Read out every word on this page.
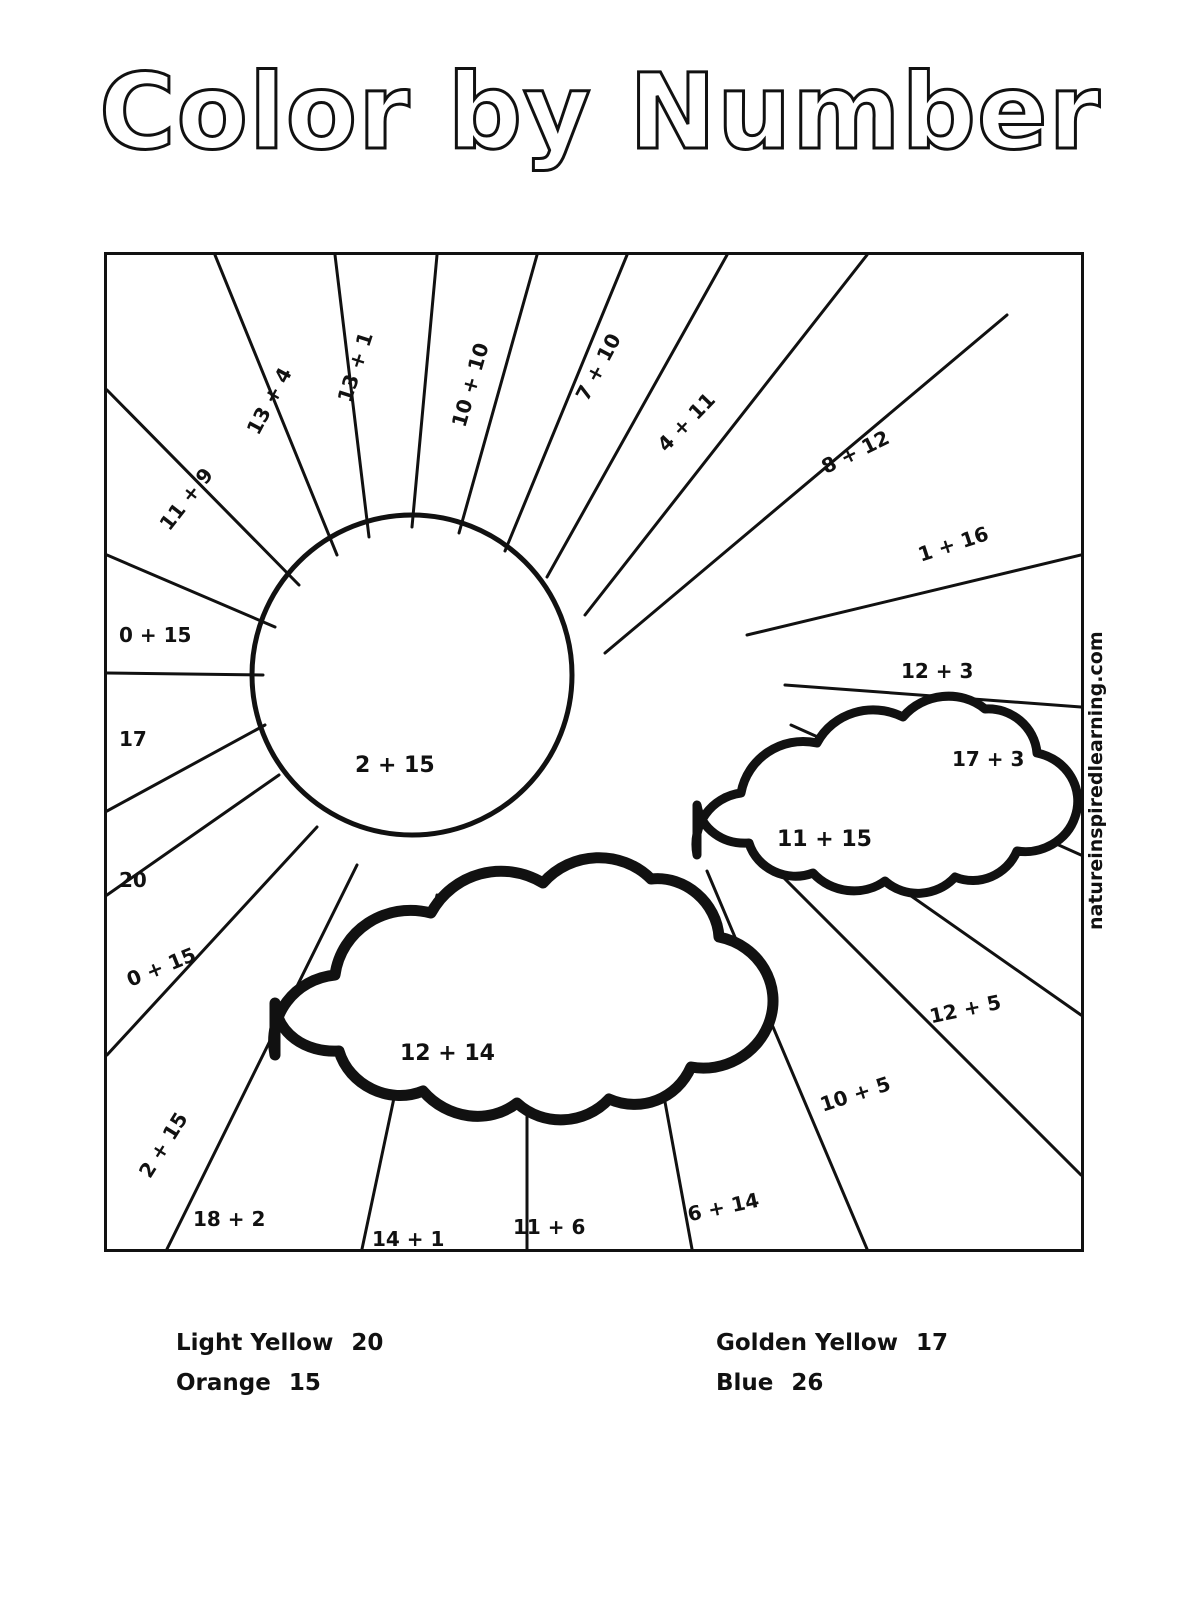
Color by Number
13 + 4 13 + 1	10 + 10	7 + 10
4 + 11	8 + 12
1 + 16
11 + 9
0 + 15
17
20
0 + 15
2 + 15
12 + 3
17 + 3
12 + 5
10 + 5
6 + 14
18 + 2
14 + 1	11 + 6
2 + 15
11 + 15
12 + 14
natureinspiredlearning.com
Light Yellow 20	Golden Yellow 17
Orange 15	Blue 26
